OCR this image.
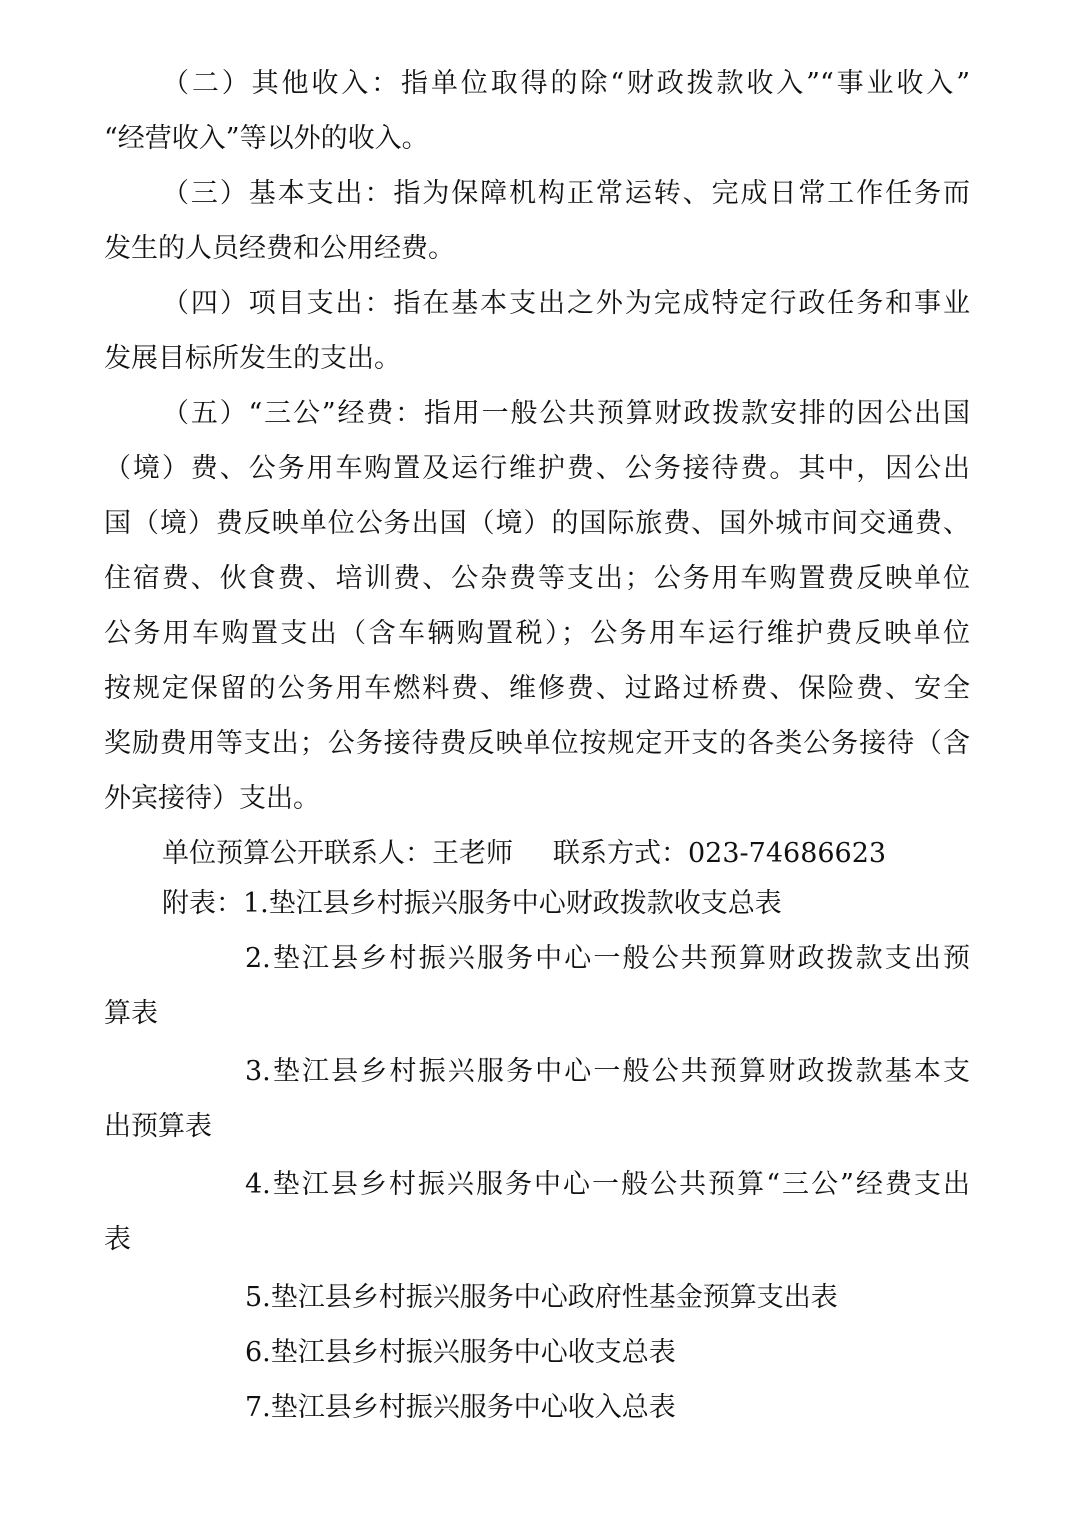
（二）其他收入：指单位取得的除“财政拨款收入”“事业收入”
“经营收入”等以外的收入。
（三）基本支出：指为保障机构正常运转、完成日常工作任务而
发生的人员经费和公用经费。
（四）项目支出：指在基本支出之外为完成特定行政任务和事业
发展目标所发生的支出。
（五）“三公”经费：指用一般公共预算财政拨款安排的因公出国
（境）费、公务用车购置及运行维护费、公务接待费。其中，因公出
国（境）费反映单位公务出国（境）的国际旅费、国外城市间交通费、
住宿费、伙食费、培训费、公杂费等支出；公务用车购置费反映单位
公务用车购置支出（含车辆购置税）；公务用车运行维护费反映单位
按规定保留的公务用车燃料费、维修费、过路过桥费、保险费、安全
奖励费用等支出；公务接待费反映单位按规定开支的各类公务接待（含
外宾接待）支出。
单位预算公开联系人：王老师 联系方式：023-74686623
附表：1.垫江县乡村振兴服务中心财政拨款收支总表
2.垫江县乡村振兴服务中心一般公共预算财政拨款支出预
算表
3.垫江县乡村振兴服务中心一般公共预算财政拨款基本支
出预算表
4.垫江县乡村振兴服务中心一般公共预算“三公”经费支出
表
5.垫江县乡村振兴服务中心政府性基金预算支出表
6.垫江县乡村振兴服务中心收支总表
7.垫江县乡村振兴服务中心收入总表
